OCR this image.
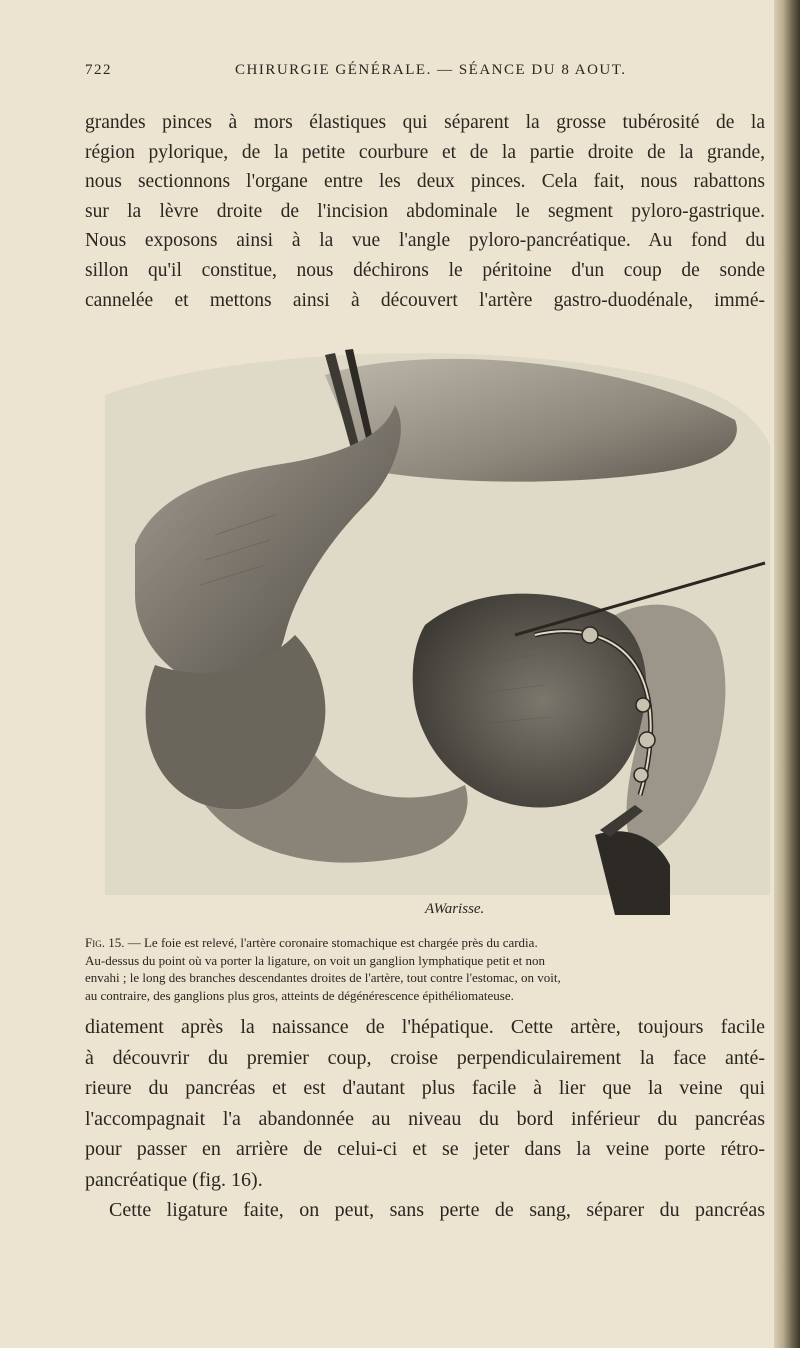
722	CHIRURGIE GÉNÉRALE. — SÉANCE DU 8 AOUT.
grandes pinces à mors élastiques qui séparent la grosse tubérosité de la
région pylorique, de la petite courbure et de la partie droite de la grande,
nous sectionnons l'organe entre les deux pinces. Cela fait, nous rabattons
sur la lèvre droite de l'incision abdominale le segment pyloro-gastrique.
Nous exposons ainsi à la vue l'angle pyloro-pancréatique. Au fond du
sillon qu'il constitue, nous déchirons le péritoine d'un coup de sonde
cannelée et mettons ainsi à découvert l'artère gastro-duodénale, immé-
AWarisse.
Fig. 15. — Le foie est relevé, l'artère coronaire stomachique est chargée près du cardia.
Au-dessus du point où va porter la ligature, on voit un ganglion lymphatique petit et non
envahi ; le long des branches descendantes droites de l'artère, tout contre l'estomac, on voit,
au contraire, des ganglions plus gros, atteints de dégénérescence épithéliomateuse.
diatement après la naissance de l'hépatique. Cette artère, toujours facile
à découvrir du premier coup, croise perpendiculairement la face anté-
rieure du pancréas et est d'autant plus facile à lier que la veine qui
l'accompagnait l'a abandonnée au niveau du bord inférieur du pancréas
pour passer en arrière de celui-ci et se jeter dans la veine porte rétro-
pancréatique (fig. 16).
Cette ligature faite, on peut, sans perte de sang, séparer du pancréas
